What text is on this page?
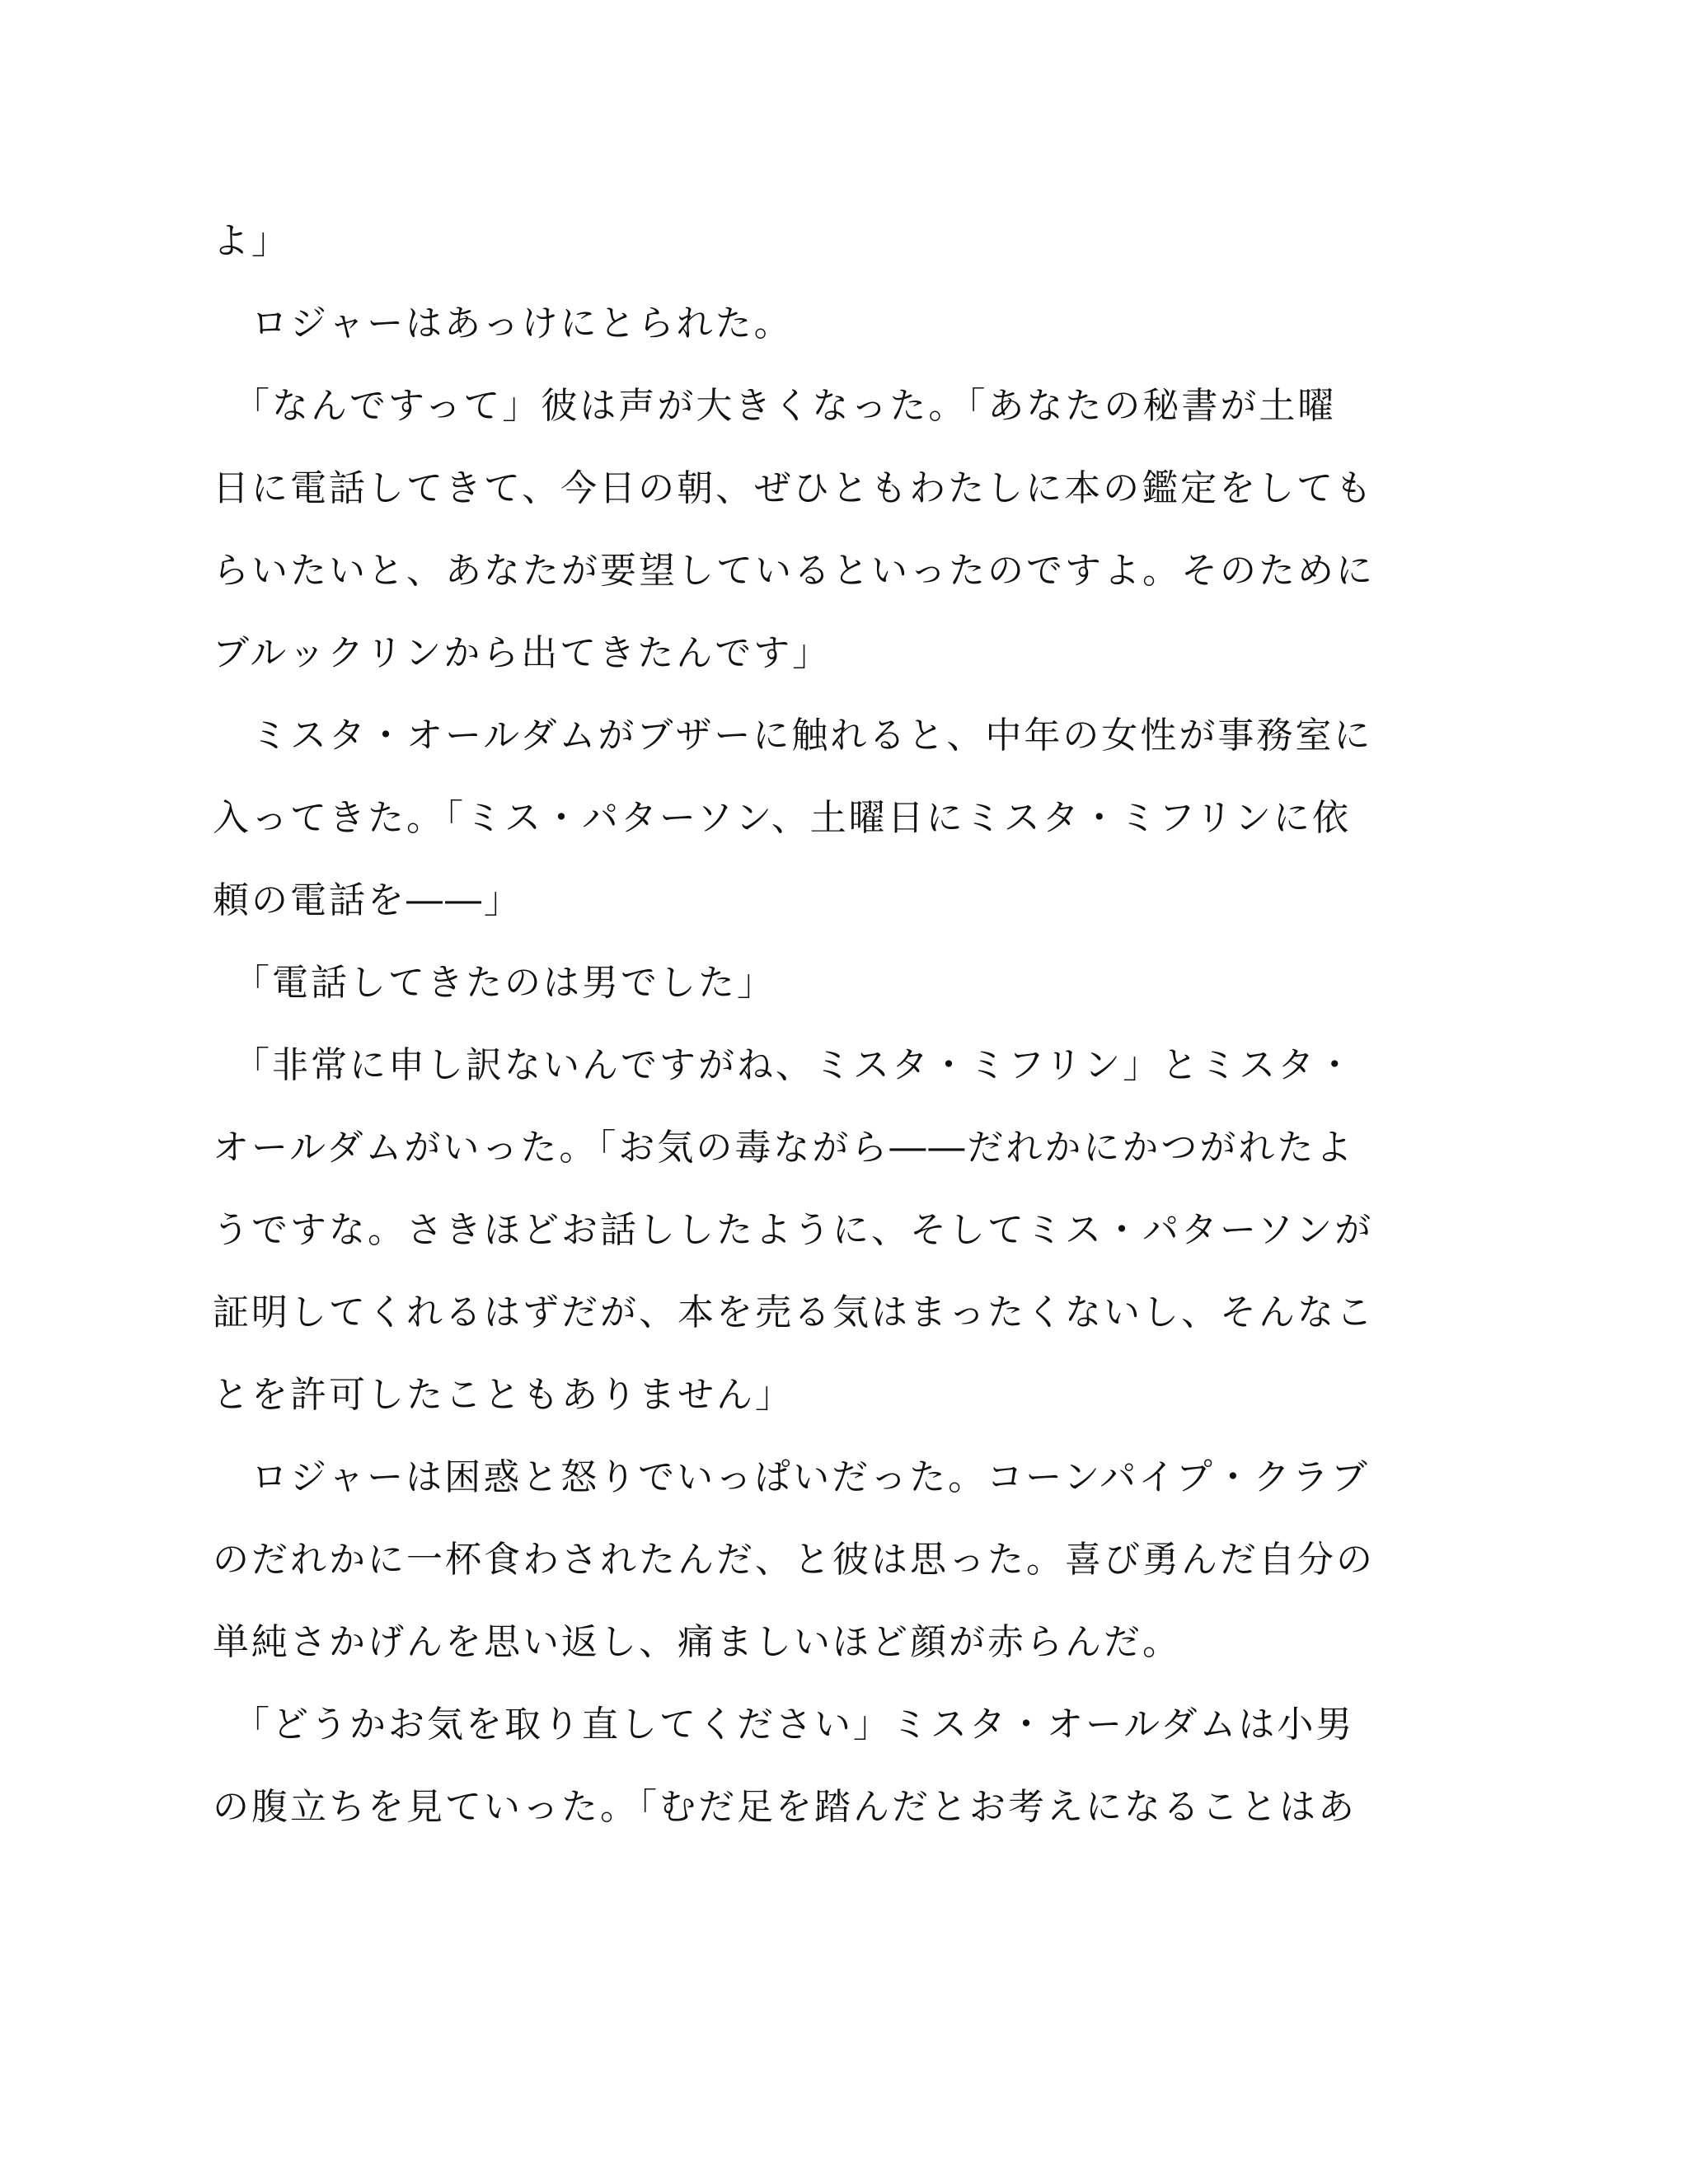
よ」
　ロジャーはあっけにとられた。
　「なんですって」彼は声が大きくなった。「あなたの秘書が土曜
日に電話してきて、今日の朝、ぜひともわたしに本の鑑定をしても
らいたいと、あなたが要望しているといったのですよ。そのために
ブルックリンから出てきたんです」
　ミスタ・オールダムがブザーに触れると、中年の女性が事務室に
入ってきた。「ミス・パターソン、土曜日にミスタ・ミフリンに依
頼の電話を――」
　「電話してきたのは男でした」
　「非常に申し訳ないんですがね、ミスタ・ミフリン」とミスタ・
オールダムがいった。「お気の毒ながら――だれかにかつがれたよ
うですな。さきほどお話ししたように、そしてミス・パターソンが
証明してくれるはずだが、本を売る気はまったくないし、そんなこ
とを許可したこともありません」
　ロジャーは困惑と怒りでいっぱいだった。コーンパイプ・クラブ
のだれかに一杯食わされたんだ、と彼は思った。喜び勇んだ自分の
単純さかげんを思い返し、痛ましいほど顔が赤らんだ。
　「どうかお気を取り直してください」ミスタ・オールダムは小男
の腹立ちを見ていった。「むだ足を踏んだとお考えになることはあ
